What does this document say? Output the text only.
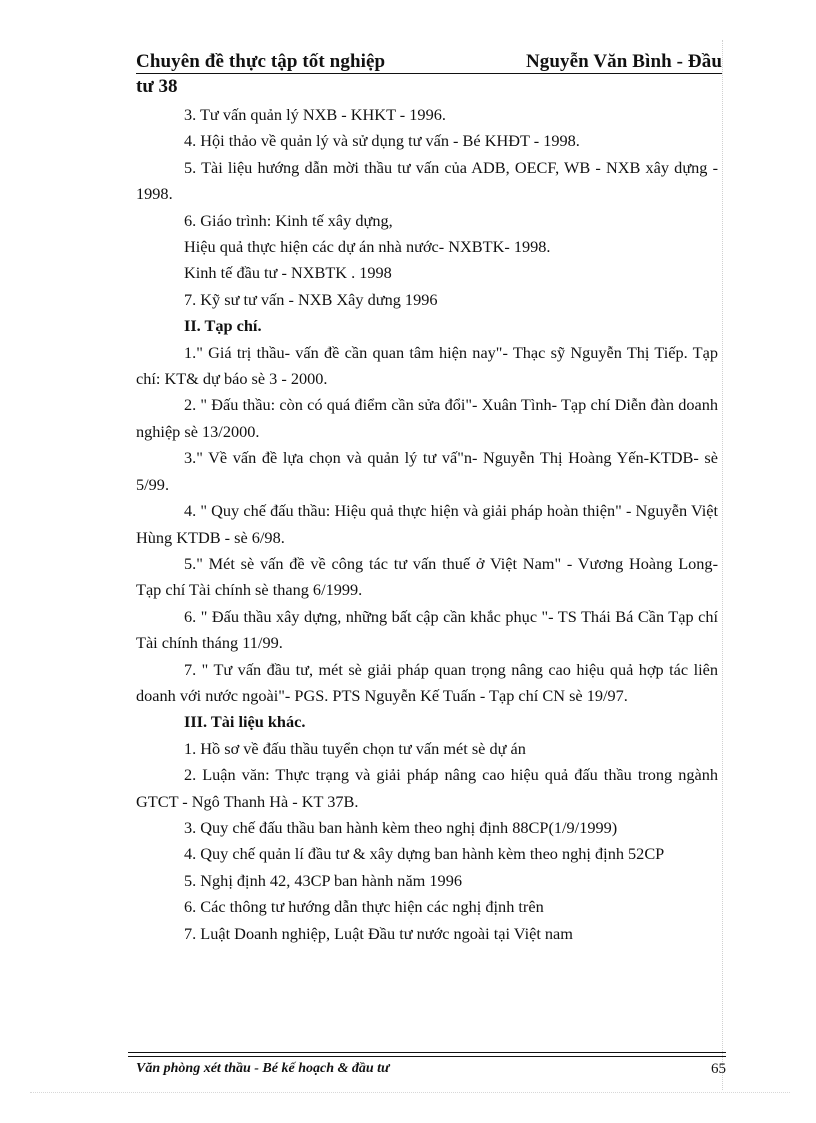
Chuyên đề thực tập tốt nghiệp	Nguyễn Văn Bình - Đầu
tư 38

3. Tư vấn quản lý NXB - KHKT - 1996.

4. Hội thảo về quản lý và sử dụng tư vấn - Bé KHĐT - 1998.

5. Tài liệu hướng dẫn mời thầu tư vấn của ADB, OECF, WB - NXB xây dựng - 1998.

6. Giáo trình: Kinh tế xây dựng,

Hiệu quả thực hiện các dự án nhà nước- NXBTK- 1998.

Kinh tế đầu tư - NXBTK . 1998

7. Kỹ sư tư vấn - NXB Xây dưng 1996

II. Tạp chí.

1." Giá trị thầu- vấn đề cần quan tâm hiện nay"- Thạc sỹ Nguyễn Thị Tiếp. Tạp chí: KT& dự báo sè 3 - 2000.

2. " Đấu thầu: còn có quá điểm cần sửa đổi"- Xuân Tình- Tạp chí Diễn đàn doanh nghiệp sè 13/2000.

3." Về vấn đề lựa chọn và quản lý tư vấ"n- Nguyễn Thị Hoàng Yến-KTDB- sè 5/99.

4. " Quy chế đấu thầu: Hiệu quả thực hiện và giải pháp hoàn thiện" - Nguyễn Việt Hùng KTDB - sè 6/98.

5." Mét sè vấn đề về công tác tư vấn thuế ở Việt Nam" - Vương Hoàng Long- Tạp chí Tài chính sè thang 6/1999.

6. " Đấu thầu xây dựng, những bất cập cần khắc phục "- TS Thái Bá Cần Tạp chí Tài chính tháng 11/99.

7. " Tư vấn đầu tư, mét sè giải pháp quan trọng nâng cao hiệu quả hợp tác liên doanh với nước ngoài"- PGS. PTS Nguyễn Kế Tuấn - Tạp chí CN sè 19/97.

III. Tài liệu khác.

1. Hồ sơ về đấu thầu tuyển chọn tư vấn mét sè dự án

2. Luận văn: Thực trạng và giải pháp nâng cao hiệu quả đấu thầu trong ngành GTCT - Ngô Thanh Hà - KT 37B.

3. Quy chế đấu thầu ban hành kèm theo nghị định 88CP(1/9/1999)

4. Quy chế quản lí đầu tư & xây dựng ban hành kèm theo nghị định 52CP

5. Nghị định 42, 43CP ban hành năm 1996

6. Các thông tư hướng dẫn thực hiện các nghị định trên

7. Luật Doanh nghiệp, Luật Đầu tư nước ngoài tại Việt nam

Văn phòng xét thầu - Bé kế hoạch & đầu tư	65
